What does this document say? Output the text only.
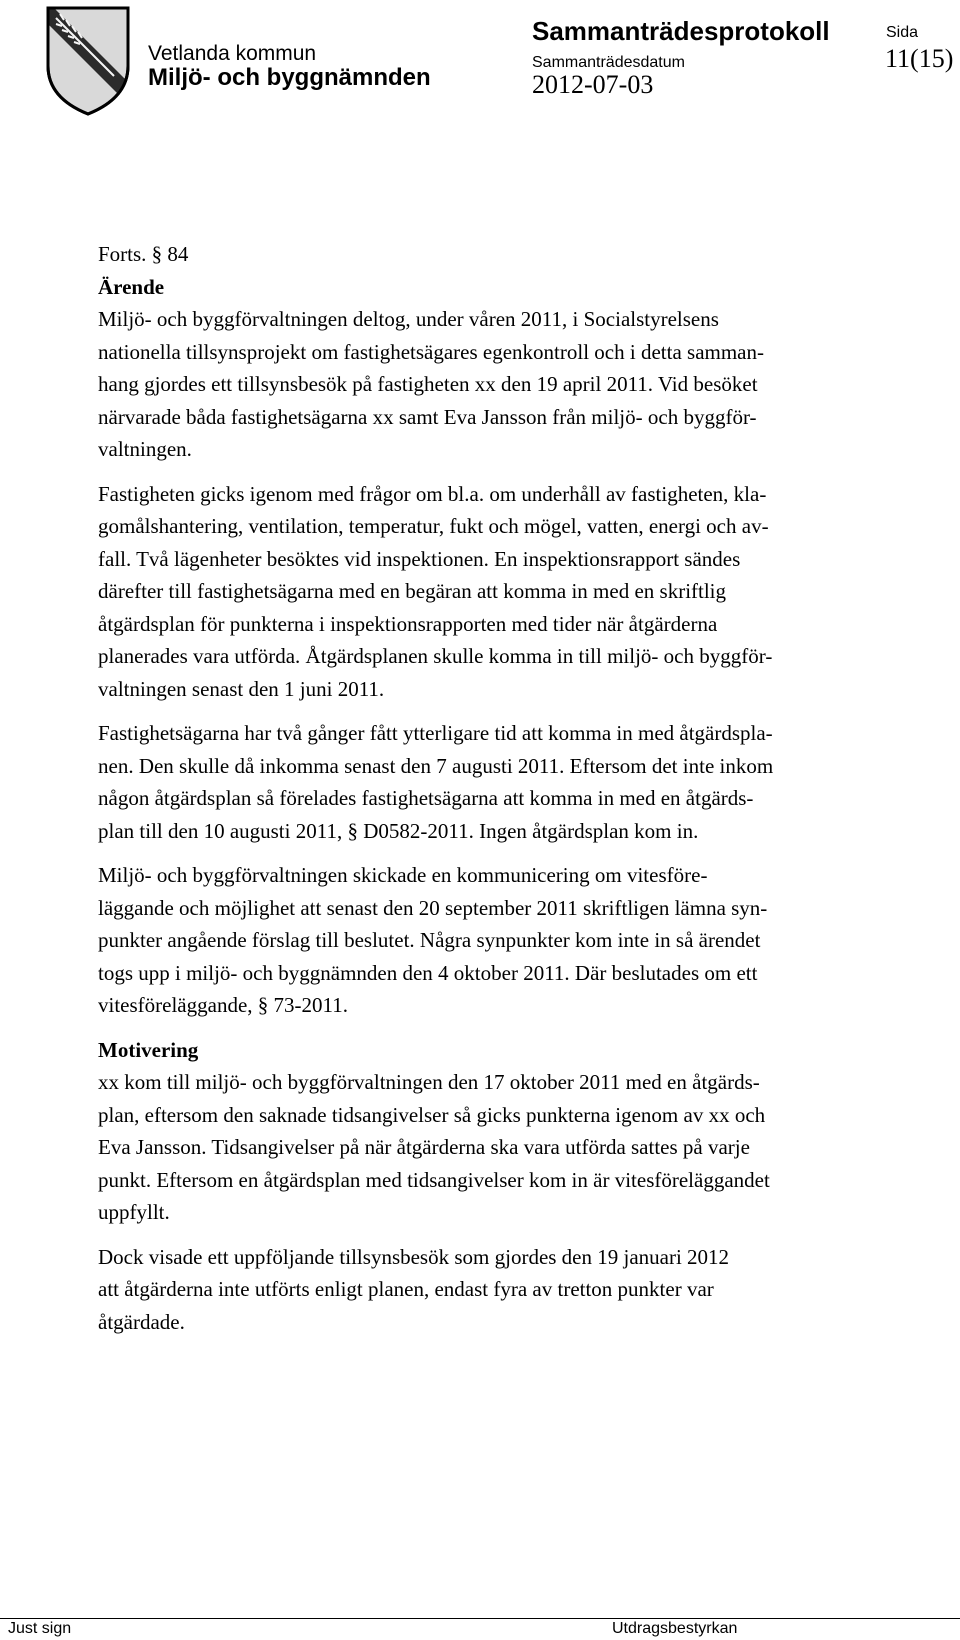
Vetlanda kommun
Miljö- och byggnämnden
Sammanträdesprotokoll
Sammanträdesdatum
2012-07-03
Sida
11(15)

Forts. § 84

Ärende

Miljö- och byggförvaltningen deltog, under våren 2011, i Socialstyrelsens
nationella tillsynsprojekt om fastighetsägares egenkontroll och i detta samman-
hang gjordes ett tillsynsbesök på fastigheten xx den 19 april 2011. Vid besöket
närvarade båda fastighetsägarna xx samt Eva Jansson från miljö- och byggför-
valtningen.

Fastigheten gicks igenom med frågor om bl.a. om underhåll av fastigheten, kla-
gomålshantering, ventilation, temperatur, fukt och mögel, vatten, energi och av-
fall. Två lägenheter besöktes vid inspektionen. En inspektionsrapport sändes
därefter till fastighetsägarna med en begäran att komma in med en skriftlig
åtgärdsplan för punkterna i inspektionsrapporten med tider när åtgärderna
planerades vara utförda. Åtgärdsplanen skulle komma in till miljö- och byggför-
valtningen senast den 1 juni 2011.

Fastighetsägarna har två gånger fått ytterligare tid att komma in med åtgärdspla-
nen. Den skulle då inkomma senast den 7 augusti 2011. Eftersom det inte inkom
någon åtgärdsplan så förelades fastighetsägarna att komma in med en åtgärds-
plan till den 10 augusti 2011, § D0582-2011. Ingen åtgärdsplan kom in.

Miljö- och byggförvaltningen skickade en kommunicering om vitesföre-
läggande och möjlighet att senast den 20 september 2011 skriftligen lämna syn-
punkter angående förslag till beslutet. Några synpunkter kom inte in så ärendet
togs upp i miljö- och byggnämnden den 4 oktober 2011. Där beslutades om ett
vitesföreläggande, § 73-2011.

Motivering

xx kom till miljö- och byggförvaltningen den 17 oktober 2011 med en åtgärds-
plan, eftersom den saknade tidsangivelser så gicks punkterna igenom av xx och
Eva Jansson. Tidsangivelser på när åtgärderna ska vara utförda sattes på varje
punkt. Eftersom en åtgärdsplan med tidsangivelser kom in är vitesföreläggandet
uppfyllt.

Dock visade ett uppföljande tillsynsbesök som gjordes den 19 januari 2012
att åtgärderna inte utförts enligt planen, endast fyra av tretton punkter var
åtgärdade.

Just sign	Utdragsbestyrkan
